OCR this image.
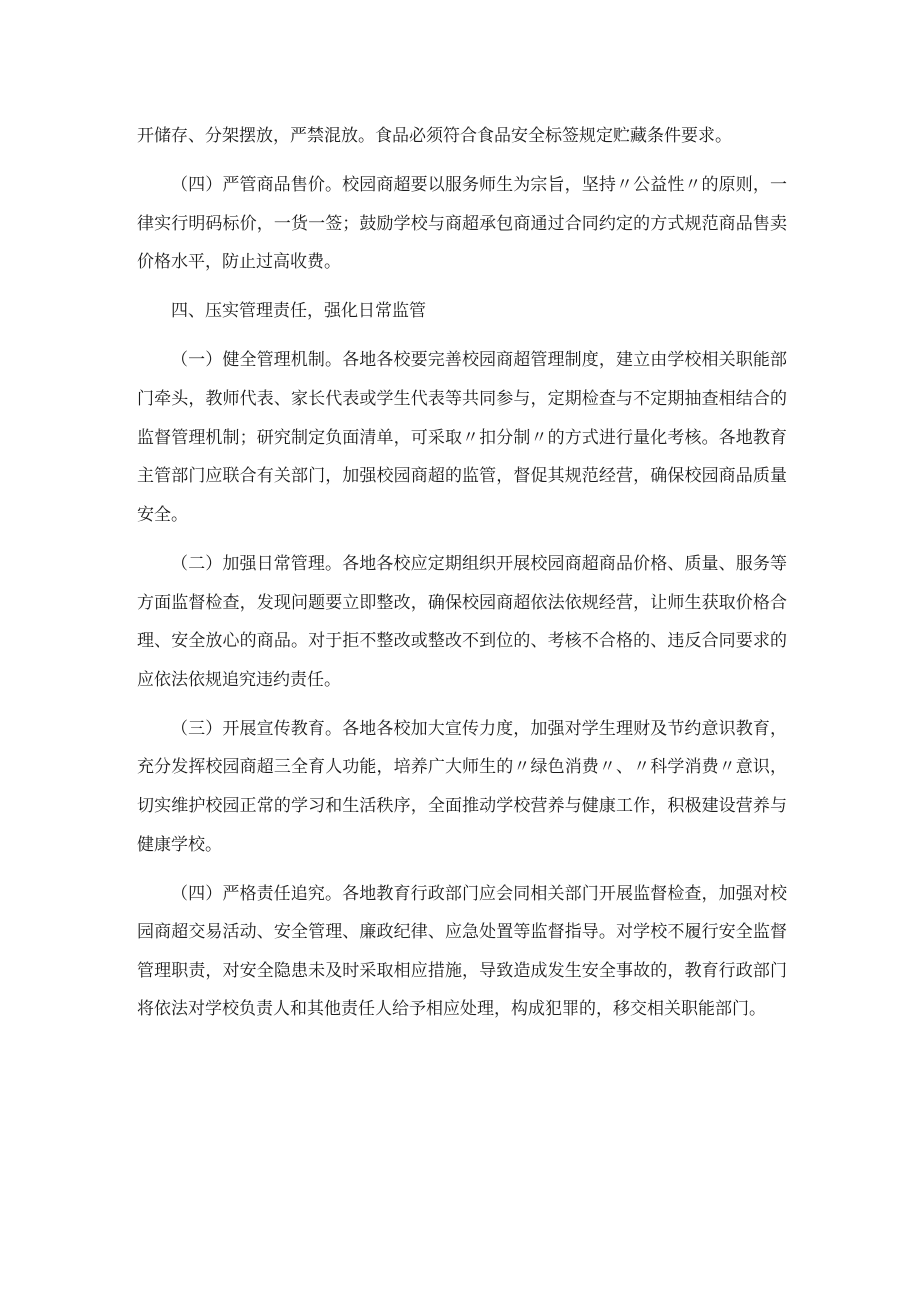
开储存、分架摆放，严禁混放。食品必须符合食品安全标签规定贮藏条件要求。

（四）严管商品售价。校园商超要以服务师生为宗旨，坚持〃公益性〃的原则，一律实行明码标价，一货一签；鼓励学校与商超承包商通过合同约定的方式规范商品售卖价格水平，防止过高收费。

四、压实管理责任，强化日常监管

（一）健全管理机制。各地各校要完善校园商超管理制度，建立由学校相关职能部门牵头，教师代表、家长代表或学生代表等共同参与，定期检查与不定期抽查相结合的监督管理机制；研究制定负面清单，可采取〃扣分制〃的方式进行量化考核。各地教育主管部门应联合有关部门，加强校园商超的监管，督促其规范经营，确保校园商品质量安全。

（二）加强日常管理。各地各校应定期组织开展校园商超商品价格、质量、服务等方面监督检查，发现问题要立即整改，确保校园商超依法依规经营，让师生获取价格合理、安全放心的商品。对于拒不整改或整改不到位的、考核不合格的、违反合同要求的应依法依规追究违约责任。

（三）开展宣传教育。各地各校加大宣传力度，加强对学生理财及节约意识教育，充分发挥校园商超三全育人功能，培养广大师生的〃绿色消费〃、〃科学消费〃意识，切实维护校园正常的学习和生活秩序，全面推动学校营养与健康工作，积极建设营养与健康学校。

（四）严格责任追究。各地教育行政部门应会同相关部门开展监督检查，加强对校园商超交易活动、安全管理、廉政纪律、应急处置等监督指导。对学校不履行安全监督管理职责，对安全隐患未及时采取相应措施，导致造成发生安全事故的，教育行政部门将依法对学校负责人和其他责任人给予相应处理，构成犯罪的，移交相关职能部门。
